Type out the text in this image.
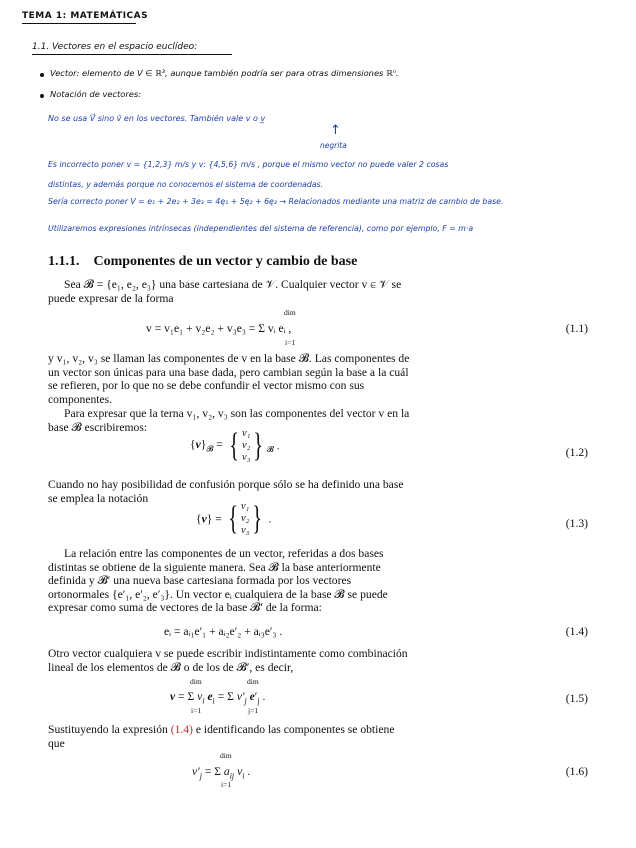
TEMA 1: MATEMÁTICAS
1.1. Vectores en el espacio euclídeo:
Vector: elemento de V ∈ ℝ³, aunque también podría ser para otras dimensiones ℝⁿ.
Notación de vectores:
No se usa V⃗ sino v̄ en los vectores. También vale v o v̲
↑
negrita
Es incorrecto poner v = {1,2,3} m/s y v: {4,5,6} m/s , porque el mismo vector no puede valer 2 cosas
distintas, y además porque no conocemos el sistema de coordenadas.
Sería correcto poner V = e₁ + 2e₂ + 3e₃ = 4ę₁ + 5ę₂ + 6ę₃ → Relacionados mediante una matriz de cambio de base.
Utilizaremos expresiones intrínsecas (independientes del sistema de referencia), como por ejemplo, F = m·a
1.1.1. Componentes de un vector y cambio de base
Sea 𝓑 = {e₁, e₂, e₃} una base cartesiana de 𝒱. Cualquier vector v ∈ 𝒱 se puede expresar de la forma
v = v₁e₁ + v₂e₂ + v₃e₃ = Σ vᵢ eᵢ ,
dim
i=1
(1.1)
y v₁, v₂, v₃ se llaman las componentes de v en la base 𝓑. Las componentes de un vector son únicas para una base dada, pero cambian según la base a la cuál se refieren, por lo que no se debe confundir el vector mismo con sus componentes.
Para expresar que la terna v₁, v₂, v₃ son las componentes del vector v en la base 𝓑 escribiremos:
$\{v\}_𝓑$ = { v₁
v₂
v₃} $_𝓑$ .	(1.2)
Cuando no hay posibilidad de confusión porque sólo se ha definido una base se emplea la notación
{v} = { v₁
v₂
v₃} .	(1.3)
La relación entre las componentes de un vector, referidas a dos bases distintas se obtiene de la siguiente manera. Sea 𝓑 la base anteriormente definida y 𝓑′ una nueva base cartesiana formada por los vectores ortonormales {e′₁, e′₂, e′₃}. Un vector eᵢ cualquiera de la base 𝓑 se puede expresar como suma de vectores de la base 𝓑′ de la forma:
eᵢ = aᵢ₁e′₁ + aᵢ₂e′₂ + aᵢ₃e′₃ .	(1.4)
Otro vector cualquiera v se puede escribir indistintamente como combinación lineal de los elementos de 𝓑 o de los de 𝓑′, es decir,
v = Σ $v_i$ $e_i = \Sigma$ $v'_j$ $e'_j$ .
dim
i=1
dim
j=1
(1.5)
Sustituyendo la expresión (1.4) e identificando las componentes se obtiene que
$v'_j = \Sigma$ $a_{ij}$ $v_i$ .
dim
i=1
(1.6)
